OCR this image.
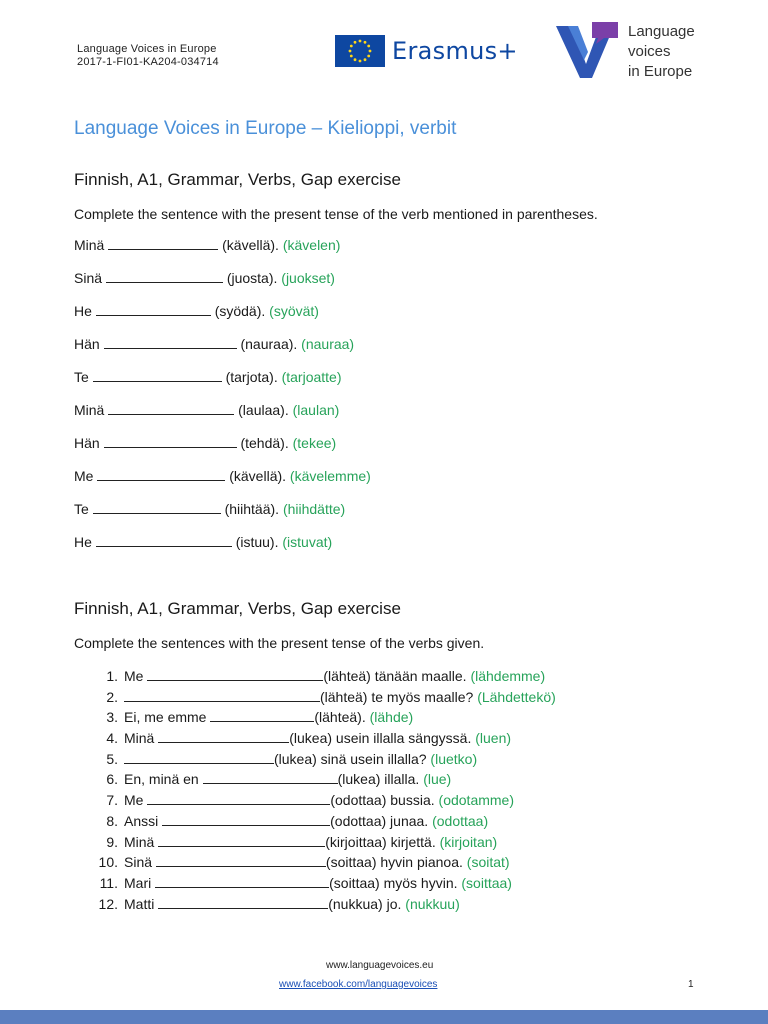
Language Voices in Europe
2017-1-FI01-KA204-034714	Erasmus+
Language
voices
in Europe
Language Voices in Europe – Kielioppi, verbit
Finnish, A1, Grammar, Verbs, Gap exercise
Complete the sentence with the present tense of the verb mentioned in parentheses.
Minä	(kävellä). (kävelen)
Sinä	(juosta). (juokset)
He	(syödä). (syövät)
Hän	(nauraa). (nauraa)
Te	(tarjota). (tarjoatte)
Minä	(laulaa). (laulan)
Hän	(tehdä). (tekee)
Me	(kävellä). (kävelemme)
Te	(hiihtää). (hiihdätte)
He	(istuu). (istuvat)
Finnish, A1, Grammar, Verbs, Gap exercise
Complete the sentences with the present tense of the verbs given.
1. Me	(lähteä) tänään maalle. (lähdemme)
2.	(lähteä) te myös maalle? (Lähdettekö)
3. Ei, me emme	(lähteä). (lähde)
4. Minä	(lukea) usein illalla sängyssä. (luen)
5.	(lukea) sinä usein illalla? (luetko)
6. En, minä en	(lukea) illalla. (lue)
7. Me	(odottaa) bussia. (odotamme)
8. Anssi	(odottaa) junaa. (odottaa)
9. Minä	(kirjoittaa) kirjettä. (kirjoitan)
10. Sinä	(soittaa) hyvin pianoa. (soitat)
11. Mari	(soittaa) myös hyvin. (soittaa)
12. Matti	(nukkua) jo. (nukkuu)
www.languagevoices.eu
www.facebook.com/languagevoices	1
